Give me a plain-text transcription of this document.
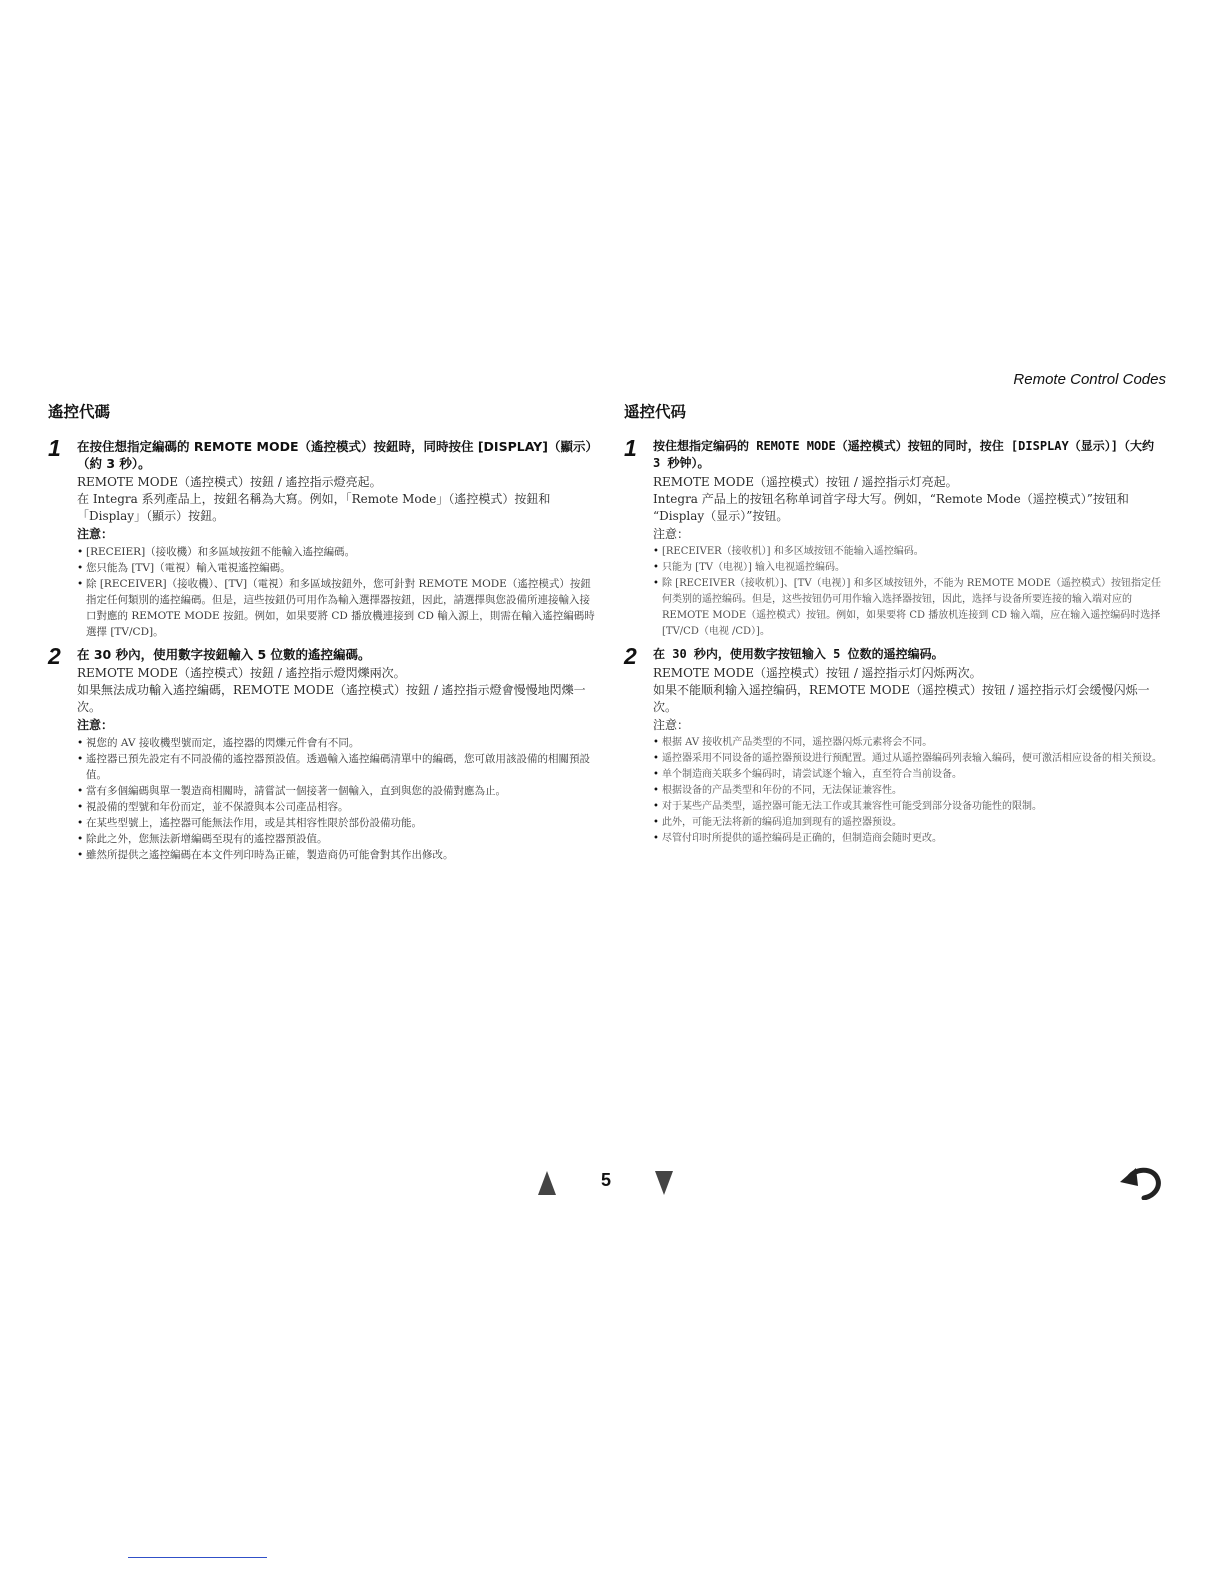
Remote Control Codes
遙控代碼
1 在按住想指定編碼的 REMOTE MODE（遙控模式）按鈕時，同時按住 [DISPLAY]（顯示）（約 3 秒）。

REMOTE MODE（遙控模式）按鈕 / 遙控指示燈亮起。

在 Integra 系列產品上，按鈕名稱為大寫。例如，「Remote Mode」（遙控模式）按鈕和「Display」（顯示）按鈕。

注意：
• [RECEIER]（接收機）和多區域按鈕不能輸入遙控編碼。
• 您只能為 [TV]（電視）輸入電視遙控編碼。
• 除 [RECEIVER]（接收機）、[TV]（電視）和多區域按鈕外，您可針對 REMOTE MODE（遙控模式）按鈕指定任何類別的遙控編碼。但是，這些按鈕仍可用作為輸入選擇器按鈕，因此，請選擇與您設備所連接輸入接口對應的 REMOTE MODE 按鈕。例如，如果要將 CD 播放機連接到 CD 輸入源上，則需在輸入遙控編碼時選擇 [TV/CD]。
2 在 30 秒內，使用數字按鈕輸入 5 位數的遙控編碼。

REMOTE MODE（遙控模式）按鈕 / 遙控指示燈閃爍兩次。

如果無法成功輸入遙控編碼，REMOTE MODE（遙控模式）按鈕 / 遙控指示燈會慢慢地閃爍一次。

注意：
• 視您的 AV 接收機型號而定，遙控器的閃爍元件會有不同。
• 遙控器已預先設定有不同設備的遙控器預設值。透過輸入遙控編碼清單中的編碼，您可啟用該設備的相關預設值。
• 當有多個編碼與單一製造商相關時，請嘗試一個接著一個輸入，直到與您的設備對應為止。
• 視設備的型號和年份而定，並不保證與本公司產品相容。
• 在某些型號上，遙控器可能無法作用，或是其相容性限於部份設備功能。
• 除此之外，您無法新增編碼至現有的遙控器預設值。
• 雖然所提供之遙控編碼在本文件列印時為正確，製造商仍可能會對其作出修改。
遥控代码
1 按住想指定编码的 REMOTE MODE（遥控模式）按钮的同时，按住 [DISPLAY（显示）]（大约 3 秒钟）。

REMOTE MODE（遥控模式）按钮 / 遥控指示灯亮起。

Integra 产品上的按钮名称单词首字母大写。例如，“Remote Mode（遥控模式）”按钮和 “Display（显示）”按钮。

注意：
• [RECEIVER（接收机）] 和多区域按钮不能输入遥控编码。
• 只能为 [TV（电视）] 输入电视遥控编码。
• 除 [RECEIVER（接收机）]、[TV（电视）] 和多区域按钮外，不能为 REMOTE MODE（遥控模式）按钮指定任何类别的遥控编码。但是，这些按钮仍可用作输入选择器按钮，因此，选择与设备所要连接的输入端对应的 REMOTE MODE（遥控模式）按钮。例如，如果要将 CD 播放机连接到 CD 输入端，应在输入遥控编码时选择 [TV/CD（电视 /CD）]。
2 在 30 秒内，使用数字按钮输入 5 位数的遥控编码。

REMOTE MODE（遥控模式）按钮 / 遥控指示灯闪烁两次。

如果不能顺利输入遥控编码，REMOTE MODE（遥控模式）按钮 / 遥控指示灯会缓慢闪烁一次。

注意：
• 根据 AV 接收机产品类型的不同，遥控器闪烁元素将会不同。
• 遥控器采用不同设备的遥控器预设进行预配置。通过从遥控器编码列表输入编码，便可激活相应设备的相关预设。
• 单个制造商关联多个编码时，请尝试逐个输入，直至符合当前设备。
• 根据设备的产品类型和年份的不同，无法保证兼容性。
• 对于某些产品类型，遥控器可能无法工作或其兼容性可能受到部分设备功能性的限制。
• 此外，可能无法将新的编码追加到现有的遥控器预设。
• 尽管付印时所提供的遥控编码是正确的，但制造商会随时更改。
5
